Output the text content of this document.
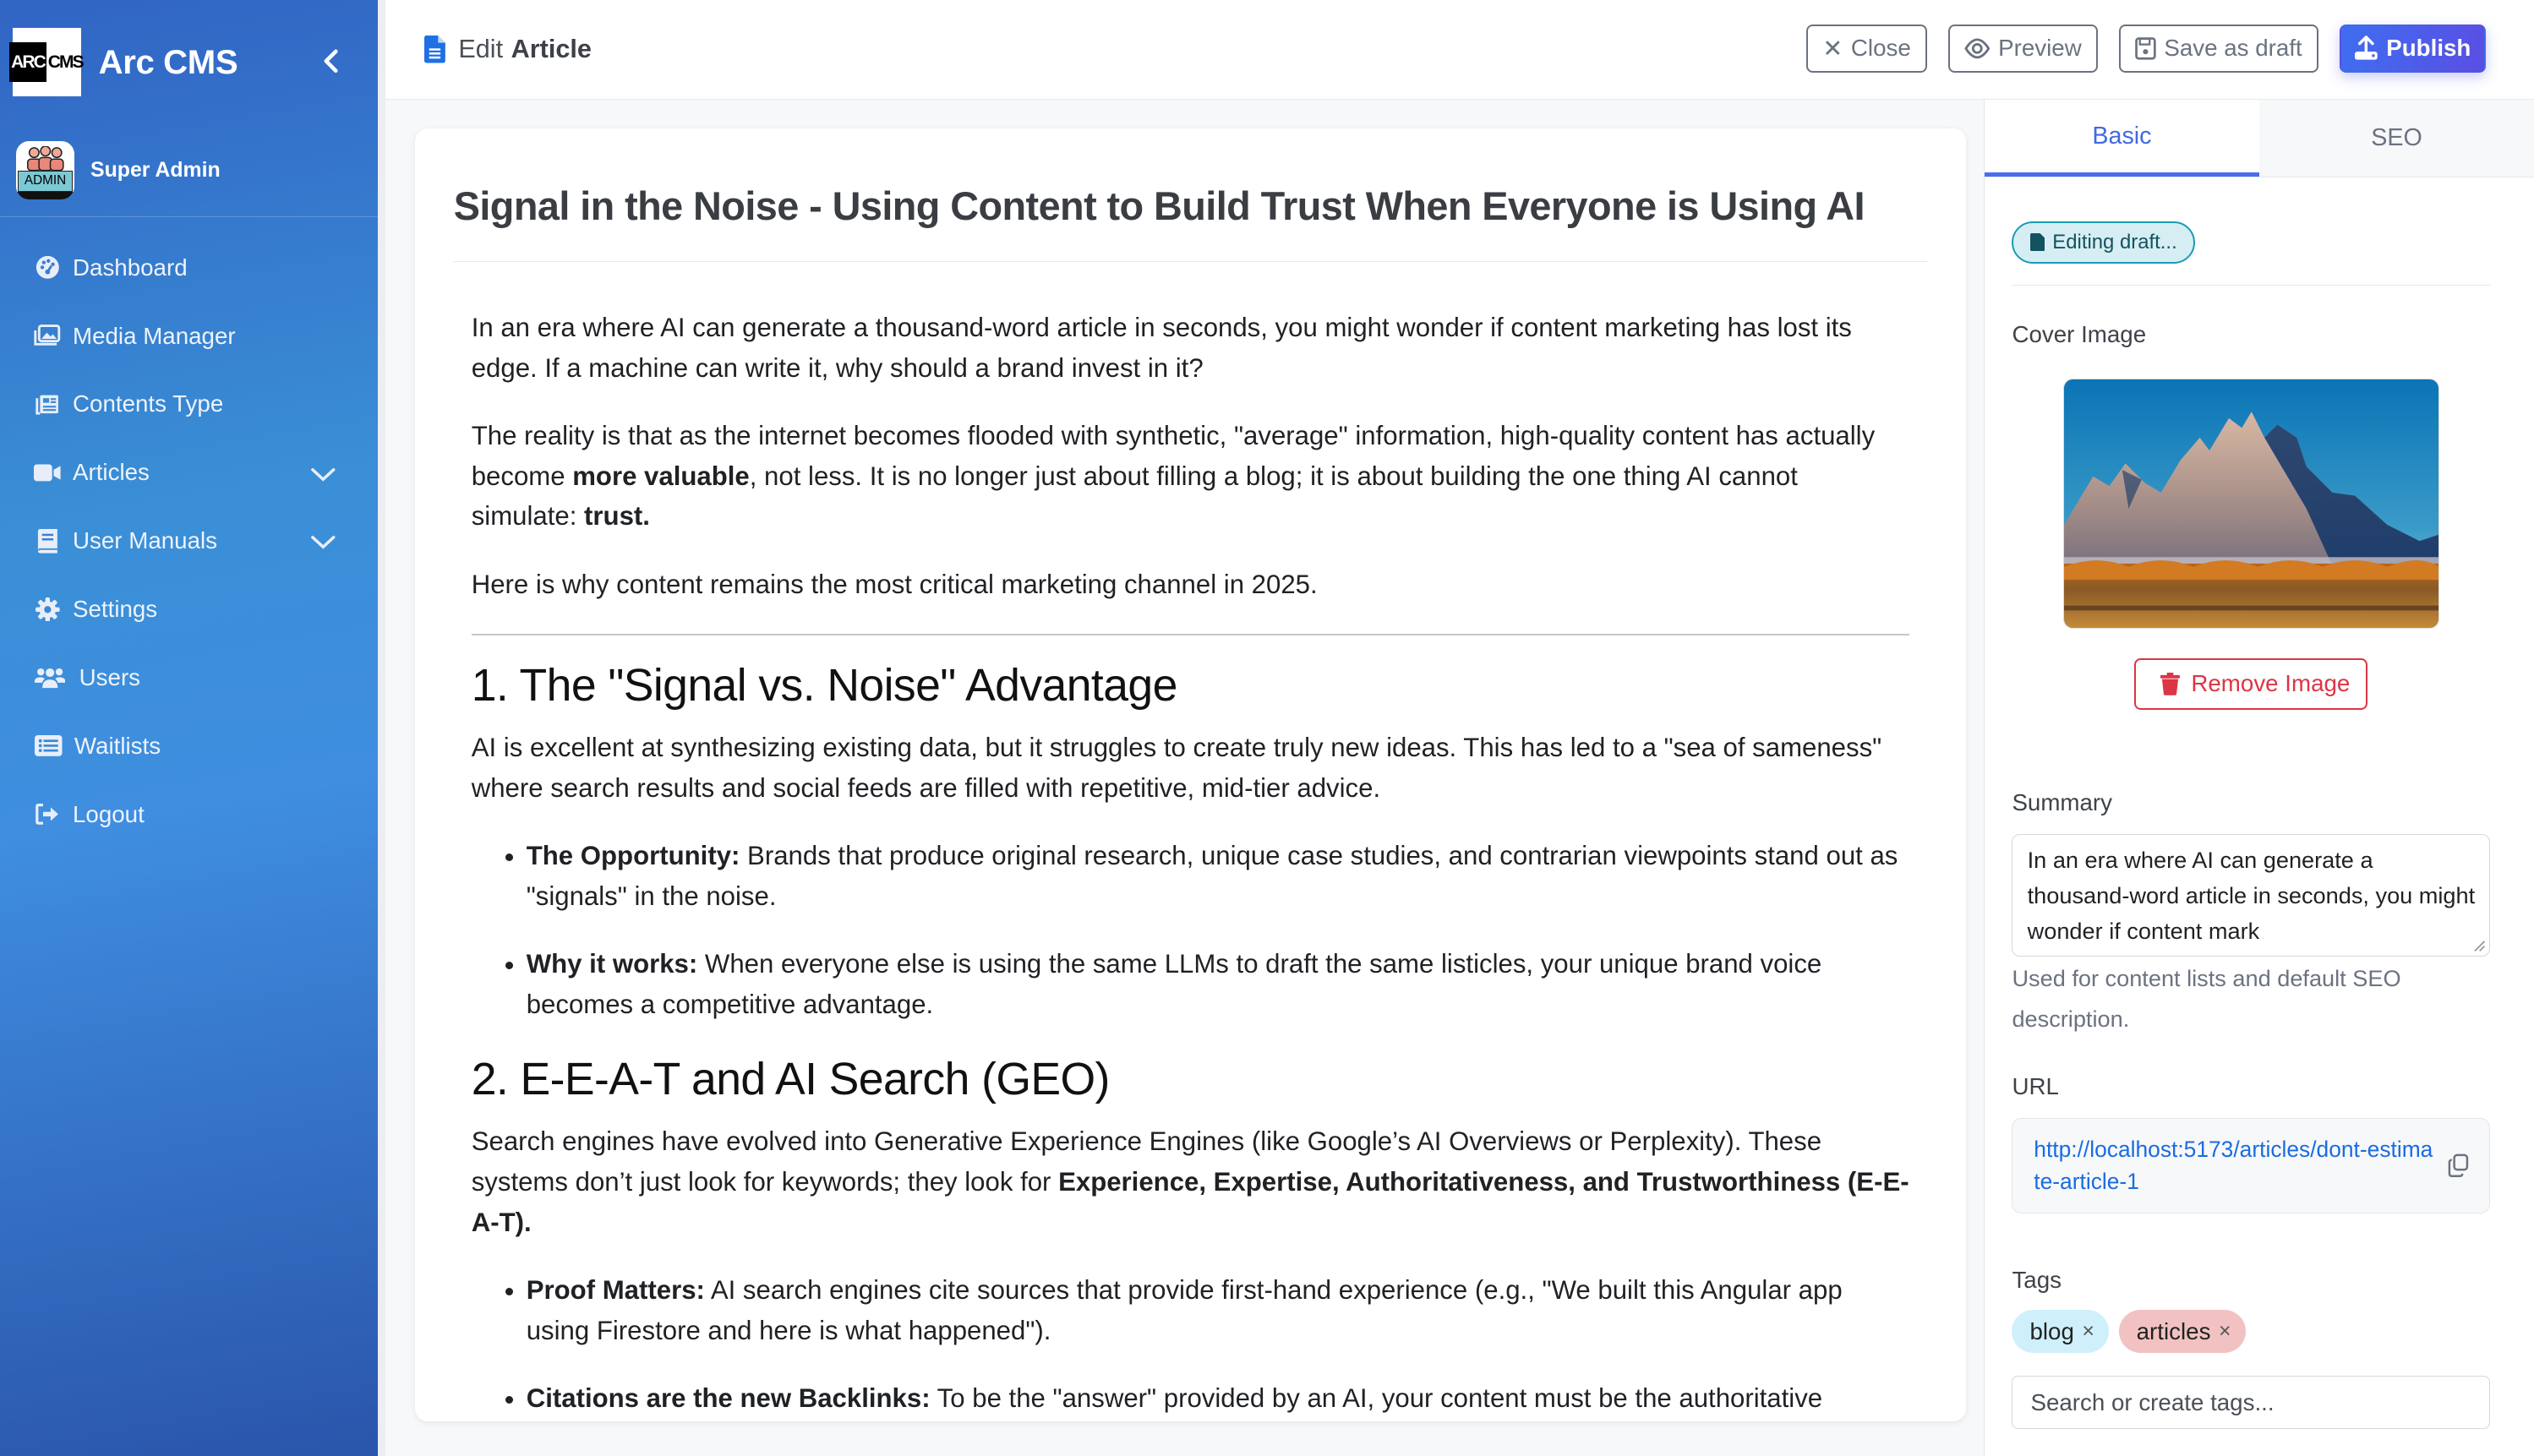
ARC CMS Arc CMS
ADMIN	Super Admin
Dashboard
Media Manager
Contents Type
Articles
User Manuals
Settings
Users
Waitlists
Logout
Edit Article	✕ Close	Preview	Save as draft	Publish
Signal in the Noise - Using Content to Build Trust When Everyone is Using AI

In an era where AI can generate a thousand-word article in seconds, you might wonder if content marketing has lost its edge. If a machine can write it, why should a brand invest in it?

The reality is that as the internet becomes flooded with synthetic, "average" information, high-quality content has actually become more valuable, not less. It is no longer just about filling a blog; it is about building the one thing AI cannot simulate: trust.

Here is why content remains the most critical marketing channel in 2025.

1. The "Signal vs. Noise" Advantage

AI is excellent at synthesizing existing data, but it struggles to create truly new ideas. This has led to a "sea of sameness" where search results and social feeds are filled with repetitive, mid-tier advice.

• The Opportunity: Brands that produce original research, unique case studies, and contrarian viewpoints stand out as "signals" in the noise.
• Why it works: When everyone else is using the same LLMs to draft the same listicles, your unique brand voice becomes a competitive advantage.
2. E-E-A-T and AI Search (GEO)

Search engines have evolved into Generative Experience Engines (like Google’s AI Overviews or Perplexity). These systems don’t just look for keywords; they look for Experience, Expertise, Authoritativeness, and Trustworthiness (E-E-A-T).

• Proof Matters: AI search engines cite sources that provide first-hand experience (e.g., "We built this Angular app using Firestore and here is what happened").
• Citations are the new Backlinks: To be the "answer" provided by an AI, your content must be the authoritative
Basic	SEO
Editing draft...
Cover Image
Remove Image
Summary
In an era where AI can generate a thousand-word article in seconds, you might wonder if content mark
Used for content lists and default SEO description.
URL
http://localhost:5173/articles/dont-estimate-article-1
Tags
blog ×	articles ×
Search or create tags...
